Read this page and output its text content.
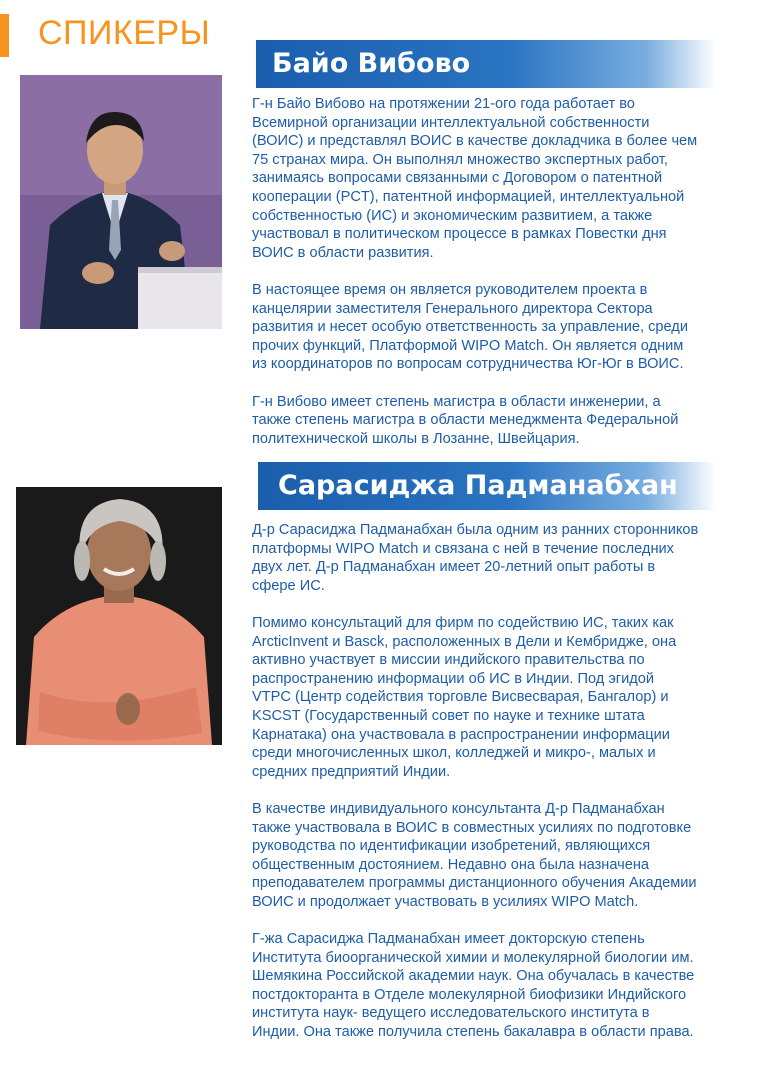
СПИКЕРЫ
Байо Вибово

Г-н Байо Вибово на протяжении 21-ого года работает во
Всемирной организации интеллектуальной собственности
(ВОИС) и представлял ВОИС в качестве докладчика в более чем
75 странах мира. Он выполнял множество экспертных работ,
занимаясь вопросами связанными с Договором о патентной
кооперации (PCT), патентной информацией, интеллектуальной
собственностью (ИС) и экономическим развитием, а также
участвовал в политическом процессе в рамках Повестки дня
ВОИС в области развития.

В настоящее время он является руководителем проекта в
канцелярии заместителя Генерального директора Сектора
развития и несет особую ответственность за управление, среди
прочих функций, Платформой WIPO Match. Он является одним
из координаторов по вопросам сотрудничества Юг-Юг в ВОИС.

Г-н Вибово имеет степень магистра в области инженерии, а
также степень магистра в области менеджмента Федеральной
политехнической школы в Лозанне, Швейцария.

Сарасиджа Падманабхан

Д-р Сарасиджа Падманабхан была одним из ранних сторонников
платформы WIPO Match и связана с ней в течение последних
двух лет. Д-р Падманабхан имеет 20-летний опыт работы в
сфере ИС.

Помимо консультаций для фирм по содействию ИС, таких как
ArcticInvent и Basck, расположенных в Дели и Кембридже, она
активно участвует в миссии индийского правительства по
распространению информации об ИС в Индии. Под эгидой
VTPC (Центр содействия торговле Висвесварая, Бангалор) и
KSCST (Государственный совет по науке и технике штата
Карнатака) она участвовала в распространении информации
среди многочисленных школ, колледжей и микро-, малых и
средних предприятий Индии.

В качестве индивидуального консультанта Д-р Падманабхан
также участвовала в ВОИС в совместных усилиях по подготовке
руководства по идентификации изобретений, являющихся
общественным достоянием. Недавно она была назначена
преподавателем программы дистанционного обучения Академии
ВОИС и продолжает участвовать в усилиях WIPO Match.

Г-жа Сарасиджа Падманабхан имеет докторскую степень
Института биоорганической химии и молекулярной биологии им.
Шемякина Российской академии наук. Она обучалась в качестве
постдокторанта в Отделе молекулярной биофизики Индийского
института наук- ведущего исследовательского института в
Индии. Она также получила степень бакалавра в области права.
